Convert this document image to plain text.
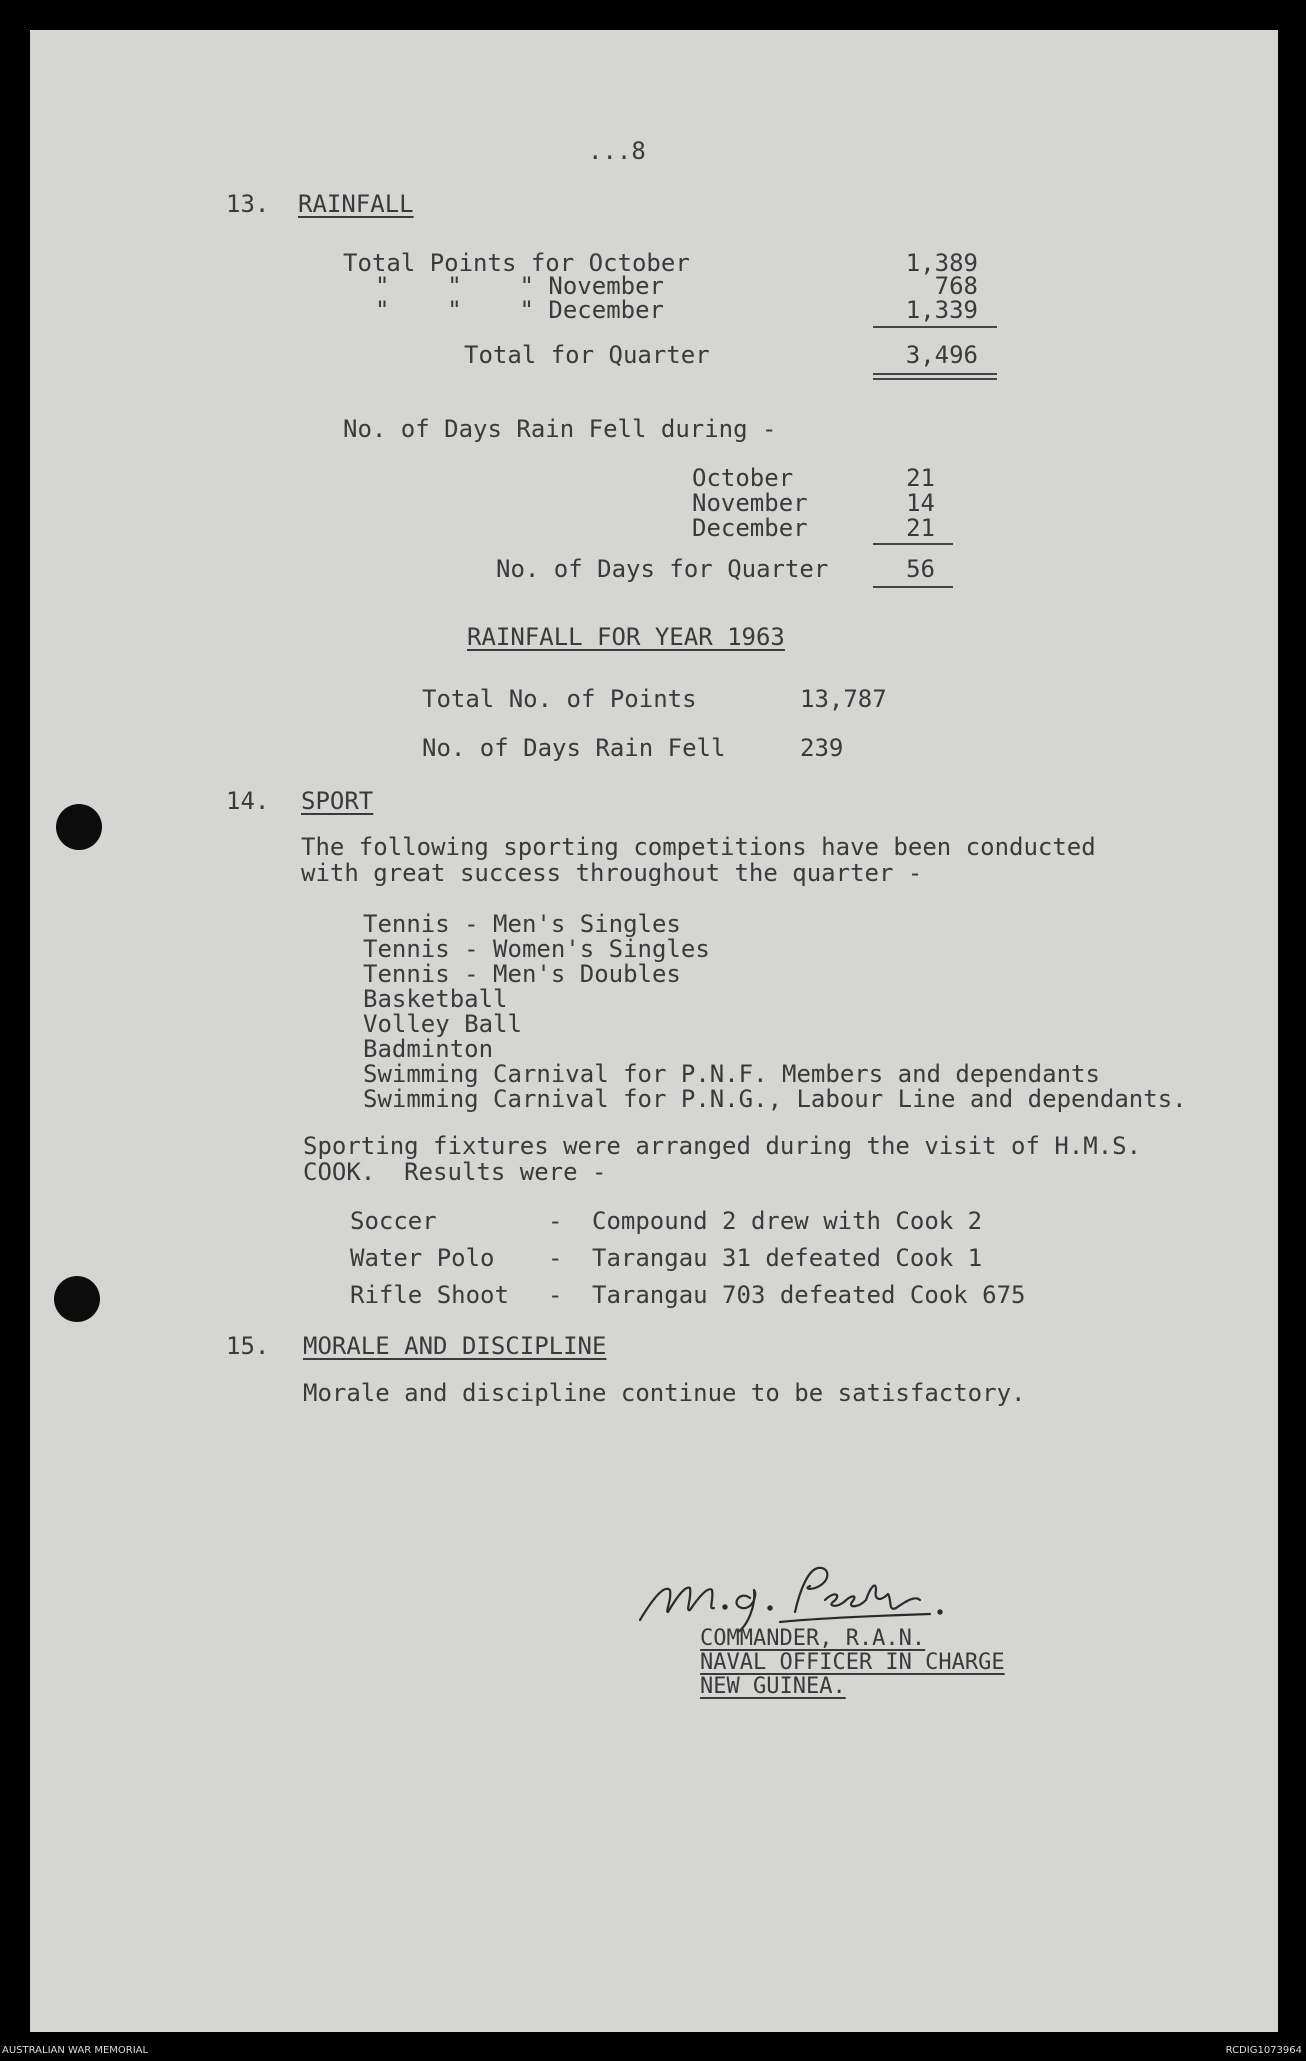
...8
13. RAINFALL
Total Points for October	1,389
"    "    " November	768
"    "    " December	1,339
Total for Quarter	3,496
No. of Days Rain Fell during -
October	21
November	14
December	21
No. of Days for Quarter	56
RAINFALL FOR YEAR 1963
Total No. of Points	13,787
No. of Days Rain Fell	239
14. SPORT
The following sporting competitions have been conducted
with great success throughout the quarter -
Tennis - Men's Singles
Tennis - Women's Singles
Tennis - Men's Doubles
Basketball
Volley Ball
Badminton
Swimming Carnival for P.N.F. Members and dependants
Swimming Carnival for P.N.G., Labour Line and dependants.
Sporting fixtures were arranged during the visit of H.M.S.
COOK.  Results were -
Soccer	- Compound 2 drew with Cook 2
Water Polo - Tarangau 31 defeated Cook 1
Rifle Shoot - Tarangau 703 defeated Cook 675
15. MORALE AND DISCIPLINE
Morale and discipline continue to be satisfactory.
COMMANDER, R.A.N.
NAVAL OFFICER IN CHARGE
NEW GUINEA.
AUSTRALIAN WAR MEMORIAL	RCDIG1073964
